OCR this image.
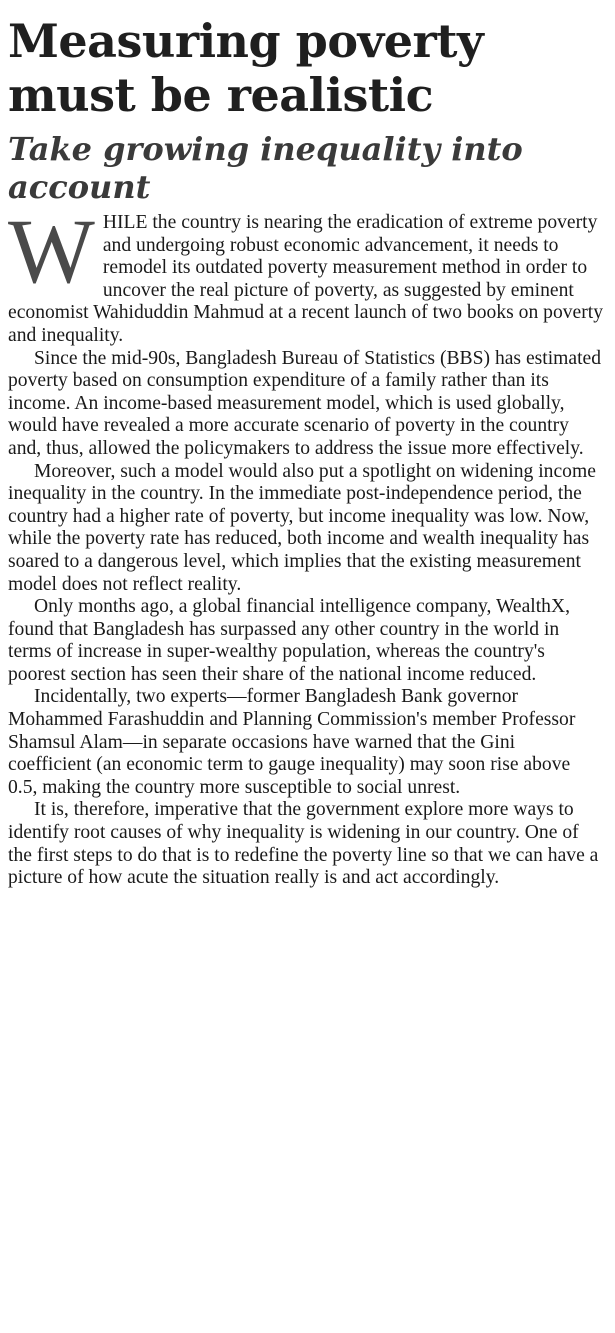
Measuring poverty must be realistic
Take growing inequality into account

WHILE the country is nearing the eradication of extreme poverty and undergoing robust economic advancement, it needs to remodel its outdated poverty measurement method in order to uncover the real picture of poverty, as suggested by eminent economist Wahiduddin Mahmud at a recent launch of two books on poverty and inequality.

Since the mid-90s, Bangladesh Bureau of Statistics (BBS) has estimated poverty based on consumption expenditure of a family rather than its income. An income-based measurement model, which is used globally, would have revealed a more accurate scenario of poverty in the country and, thus, allowed the policymakers to address the issue more effectively.

Moreover, such a model would also put a spotlight on widening income inequality in the country. In the immediate post-independence period, the country had a higher rate of poverty, but income inequality was low. Now, while the poverty rate has reduced, both income and wealth inequality has soared to a dangerous level, which implies that the existing measurement model does not reflect reality.

Only months ago, a global financial intelligence company, WealthX, found that Bangladesh has surpassed any other country in the world in terms of increase in super-wealthy population, whereas the country's poorest section has seen their share of the national income reduced.

Incidentally, two experts—former Bangladesh Bank governor Mohammed Farashuddin and Planning Commission's member Professor Shamsul Alam—in separate occasions have warned that the Gini coefficient (an economic term to gauge inequality) may soon rise above 0.5, making the country more susceptible to social unrest.

It is, therefore, imperative that the government explore more ways to identify root causes of why inequality is widening in our country. One of the first steps to do that is to redefine the poverty line so that we can have a picture of how acute the situation really is and act accordingly.
